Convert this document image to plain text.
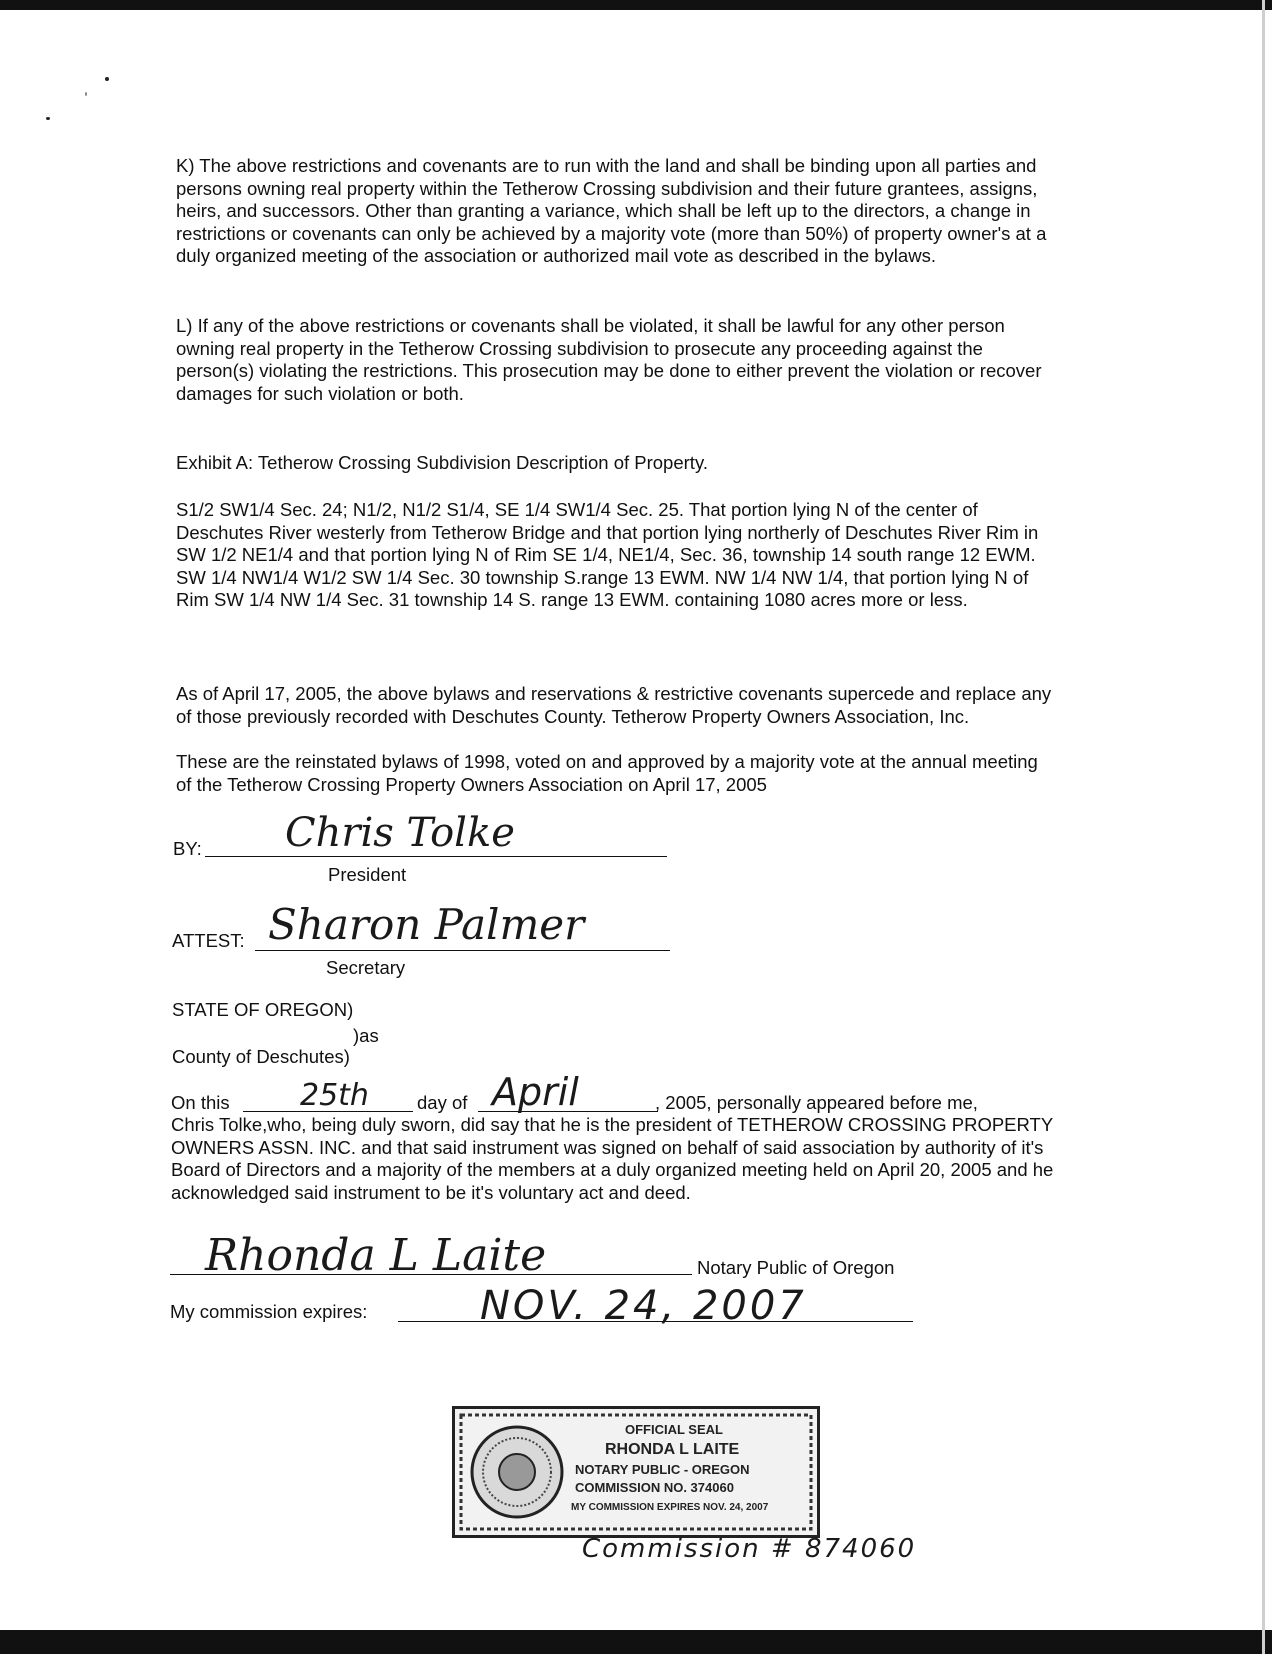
K) The above restrictions and covenants are to run with the land and shall be binding upon all parties and persons owning real property within the Tetherow Crossing subdivision and their future grantees, assigns, heirs, and successors. Other than granting a variance, which shall be left up to the directors, a change in restrictions or covenants can only be achieved by a majority vote (more than 50%) of property owner's at a duly organized meeting of the association or authorized mail vote as described in the bylaws.

L) If any of the above restrictions or covenants shall be violated, it shall be lawful for any other person owning real property in the Tetherow Crossing subdivision to prosecute any proceeding against the person(s) violating the restrictions. This prosecution may be done to either prevent the violation or recover damages for such violation or both.

Exhibit A: Tetherow Crossing Subdivision Description of Property.

S1/2 SW1/4 Sec. 24; N1/2, N1/2 S1/4, SE 1/4 SW1/4 Sec. 25. That portion lying N of the center of Deschutes River westerly from Tetherow Bridge and that portion lying northerly of Deschutes River Rim in SW 1/2 NE1/4 and that portion lying N of Rim SE 1/4, NE1/4, Sec. 36, township 14 south range 12 EWM. SW 1/4 NW1/4 W1/2 SW 1/4 Sec. 30 township S.range 13 EWM. NW 1/4 NW 1/4, that portion lying N of Rim SW 1/4 NW 1/4 Sec. 31 township 14 S. range 13 EWM. containing 1080 acres more or less.

As of April 17, 2005, the above bylaws and reservations & restrictive covenants supercede and replace any of those previously recorded with Deschutes County. Tetherow Property Owners Association, Inc.

These are the reinstated bylaws of 1998, voted on and approved by a majority vote at the annual meeting of the Tetherow Crossing Property Owners Association on April 17, 2005

BY: Chris Tolke
President
ATTEST: Sharon Palmer
Secretary
STATE OF OREGON)
)as
County of Deschutes)
On this 25th	day of April	, 2005, personally appeared before me,

Chris Tolke,who, being duly sworn, did say that he is the president of TETHEROW CROSSING PROPERTY OWNERS ASSN. INC. and that said instrument was signed on behalf of said association by authority of it's Board of Directors and a majority of the members at a duly organized meeting held on April 20, 2005 and he acknowledged said instrument to be it's voluntary act and deed.

Rhonda L Laite	Notary Public of Oregon
My commission expires:	NOV. 24, 2007
OFFICIAL SEAL
RHONDA L LAITE
NOTARY PUBLIC - OREGON
COMMISSION NO. 374060
MY COMMISSION EXPIRES NOV. 24, 2007
Commission # 874060
